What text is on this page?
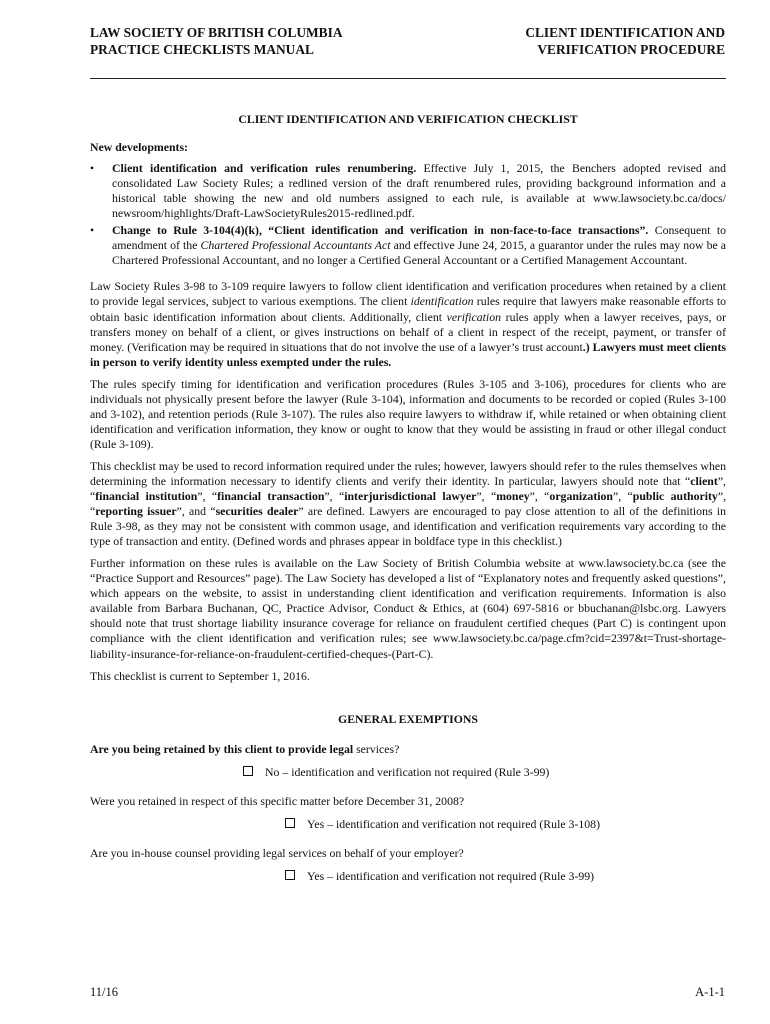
LAW SOCIETY OF BRITISH COLUMBIA
PRACTICE CHECKLISTS MANUAL
CLIENT IDENTIFICATION AND
VERIFICATION PROCEDURE
CLIENT IDENTIFICATION AND VERIFICATION CHECKLIST
New developments:
• Client identification and verification rules renumbering. Effective July 1, 2015, the Benchers adopted revised and consolidated Law Society Rules; a redlined version of the draft renumbered rules, providing background information and a historical table showing the new and old numbers assigned to each rule, is available at www.lawsociety.bc.ca/docs/ newsroom/highlights/Draft-LawSocietyRules2015-redlined.pdf.
• Change to Rule 3-104(4)(k), “Client identification and verification in non-face-to-face transactions”. Consequent to amendment of the Chartered Professional Accountants Act and effective June 24, 2015, a guarantor under the rules may now be a Chartered Professional Accountant, and no longer a Certified General Accountant or a Certified Management Accountant.

Law Society Rules 3-98 to 3-109 require lawyers to follow client identification and verification procedures when retained by a client to provide legal services, subject to various exemptions. The client identification rules require that lawyers make reasonable efforts to obtain basic identification information about clients. Additionally, client verification rules apply when a lawyer receives, pays, or transfers money on behalf of a client, or gives instructions on behalf of a client in respect of the receipt, payment, or transfer of money. (Verification may be required in situations that do not involve the use of a lawyer’s trust account.) Lawyers must meet clients in person to verify identity unless exempted under the rules.

The rules specify timing for identification and verification procedures (Rules 3-105 and 3-106), procedures for clients who are individuals not physically present before the lawyer (Rule 3-104), information and documents to be recorded or copied (Rules 3-100 and 3-102), and retention periods (Rule 3-107). The rules also require lawyers to withdraw if, while retained or when obtaining client identification and verification information, they know or ought to know that they would be assisting in fraud or other illegal conduct (Rule 3-109).

This checklist may be used to record information required under the rules; however, lawyers should refer to the rules themselves when determining the information necessary to identify clients and verify their identity. In particular, lawyers should note that “client”, “financial institution”, “financial transaction”, “interjurisdictional lawyer”, “money”, “organization”, “public authority”, “reporting issuer”, and “securities dealer” are defined. Lawyers are encouraged to pay close attention to all of the definitions in Rule 3-98, as they may not be consistent with common usage, and identification and verification requirements vary according to the type of transaction and entity. (Defined words and phrases appear in boldface type in this checklist.)

Further information on these rules is available on the Law Society of British Columbia website at www.lawsociety.bc.ca (see the “Practice Support and Resources” page). The Law Society has developed a list of “Explanatory notes and frequently asked questions”, which appears on the website, to assist in understanding client identification and verification requirements. Information is also available from Barbara Buchanan, QC, Practice Advisor, Conduct & Ethics, at (604) 697-5816 or bbuchanan@lsbc.org. Lawyers should note that trust shortage liability insurance coverage for reliance on fraudulent certified cheques (Part C) is contingent upon compliance with the client identification and verification rules; see www.lawsociety.bc.ca/page.cfm?cid=2397&t=Trust-shortage-liability-insurance-for-reliance-on-fraudulent-certified-cheques-(Part-C).

This checklist is current to September 1, 2016.

GENERAL EXEMPTIONS
Are you being retained by this client to provide legal services?
No – identification and verification not required (Rule 3-99)
Were you retained in respect of this specific matter before December 31, 2008?
Yes – identification and verification not required (Rule 3-108)
Are you in-house counsel providing legal services on behalf of your employer?
Yes – identification and verification not required (Rule 3-99)
11/16	A-1-1
